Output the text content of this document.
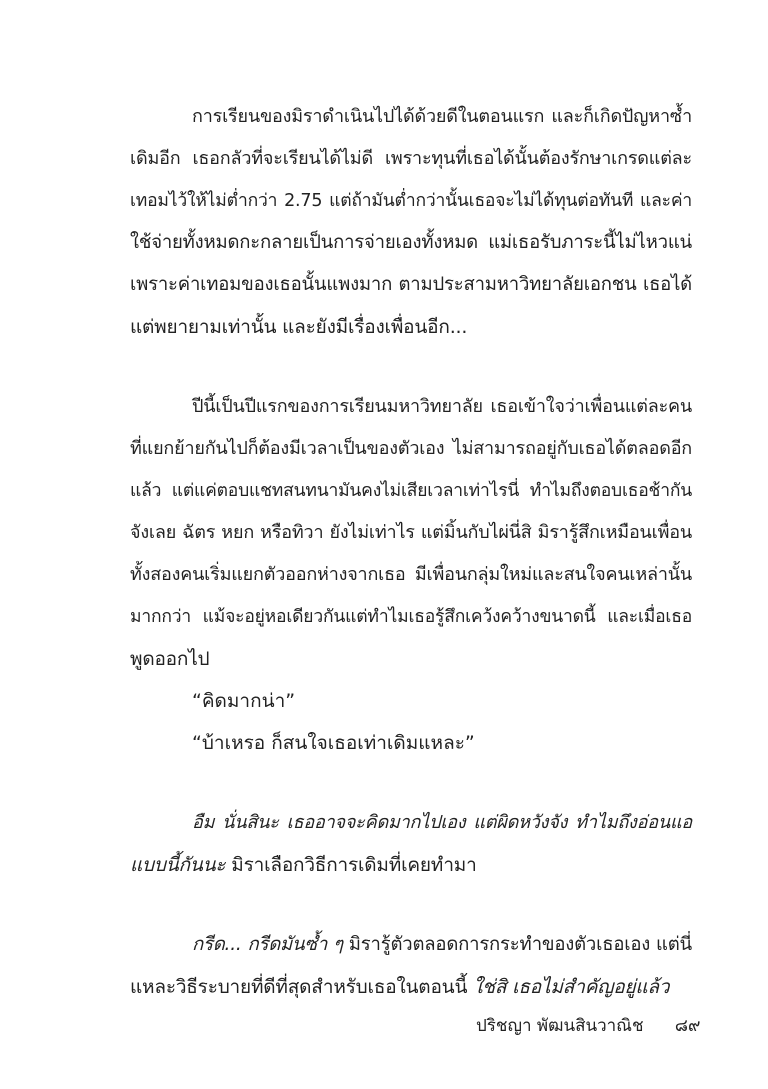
การเรียนของมิราดำเนินไปได้ด้วยดีในตอนแรก และก็เกิดปัญหาซ้ำ
เดิมอีก เธอกลัวที่จะเรียนได้ไม่ดี เพราะทุนที่เธอได้นั้นต้องรักษาเกรดแต่ละ
เทอมไว้ให้ไม่ต่ำกว่า 2.75 แต่ถ้ามันต่ำกว่านั้นเธอจะไม่ได้ทุนต่อทันที และค่า
ใช้จ่ายทั้งหมดกะกลายเป็นการจ่ายเองทั้งหมด แม่เธอรับภาระนี้ไม่ไหวแน่
เพราะค่าเทอมของเธอนั้นแพงมาก ตามประสามหาวิทยาลัยเอกชน เธอได้
แต่พยายามเท่านั้น และยังมีเรื่องเพื่อนอีก...

ปีนี้เป็นปีแรกของการเรียนมหาวิทยาลัย เธอเข้าใจว่าเพื่อนแต่ละคน
ที่แยกย้ายกันไปก็ต้องมีเวลาเป็นของตัวเอง ไม่สามารถอยู่กับเธอได้ตลอดอีก
แล้ว แต่แค่ตอบแชทสนทนามันคงไม่เสียเวลาเท่าไรนี่ ทำไมถึงตอบเธอช้ากัน
จังเลย ฉัตร หยก หรือทิวา ยังไม่เท่าไร แต่มิ้นกับไผ่นี่สิ มิรารู้สึกเหมือนเพื่อน
ทั้งสองคนเริ่มแยกตัวออกห่างจากเธอ มีเพื่อนกลุ่มใหม่และสนใจคนเหล่านั้น
มากกว่า แม้จะอยู่หอเดียวกันแต่ทำไมเธอรู้สึกเคว้งคว้างขนาดนี้ และเมื่อเธอ
พูดออกไป

“คิดมากน่า”

“บ้าเหรอ ก็สนใจเธอเท่าเดิมแหละ”

อืม นั่นสินะ เธออาจจะคิดมากไปเอง แต่ผิดหวังจัง ทำไมถึงอ่อนแอ
แบบนี้กันนะ มิราเลือกวิธีการเดิมที่เคยทำมา

กรีด... กรีดมันซ้ำ ๆ มิรารู้ตัวตลอดการกระทำของตัวเธอเอง แต่นี่
แหละวิธีระบายที่ดีที่สุดสำหรับเธอในตอนนี้ ใช่สิ เธอไม่สำคัญอยู่แล้ว

ปริชญา พัฒนสินวาณิช ๘๙
